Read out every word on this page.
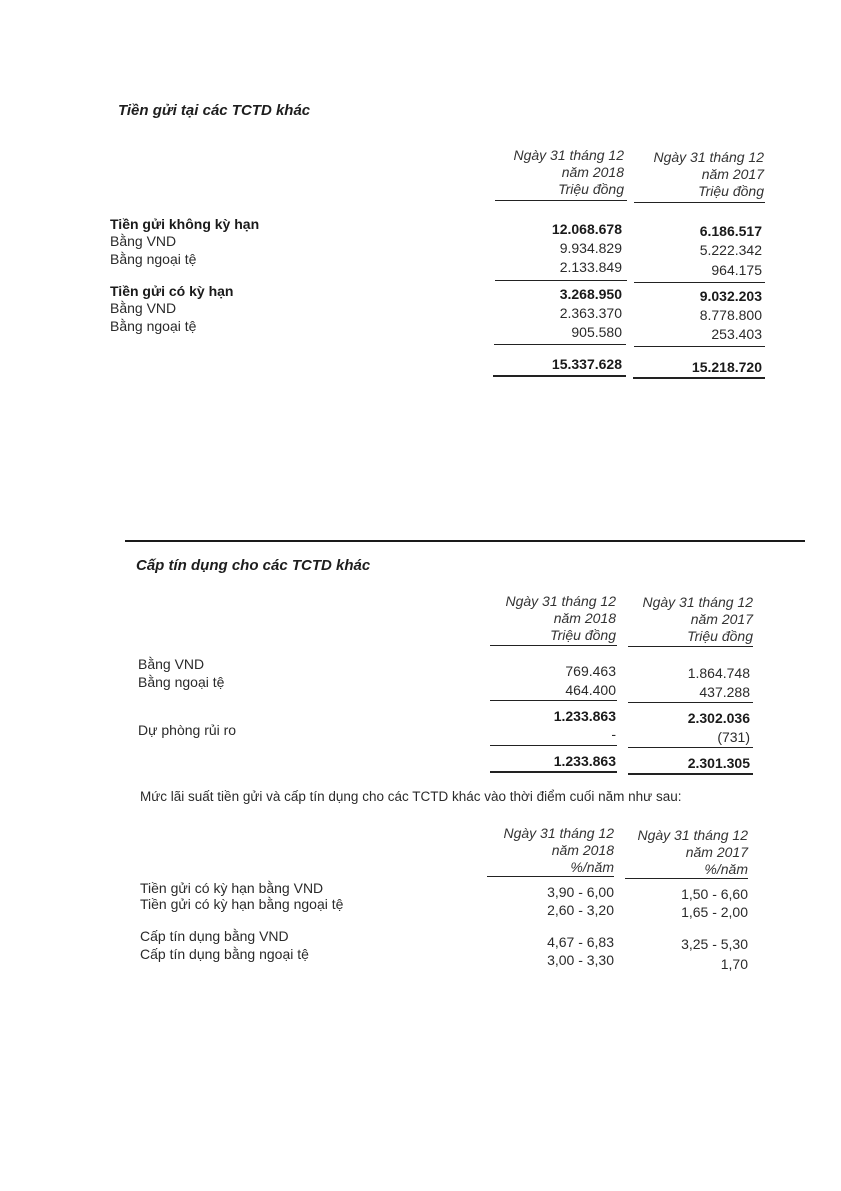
Tiền gửi tại các TCTD khác
Ngày 31 tháng 12
năm 2018
Triệu đồng
Ngày 31 tháng 12
năm 2017
Triệu đồng
Tiền gửi không kỳ hạn	12.068.678	6.186.517
Bằng VND	9.934.829	5.222.342
Bằng ngoại tệ	2.133.849	964.175
Tiền gửi có kỳ hạn	3.268.950	9.032.203
Bằng VND	2.363.370	8.778.800
Bằng ngoại tệ	905.580	253.403
15.337.628	15.218.720
Cấp tín dụng cho các TCTD khác
Ngày 31 tháng 12
năm 2018
Triệu đồng
Ngày 31 tháng 12
năm 2017
Triệu đồng
Bằng VND	769.463	1.864.748
Bằng ngoại tệ	464.400	437.288
1.233.863	2.302.036
Dự phòng rủi ro	-	(731)
1.233.863	2.301.305
Mức lãi suất tiền gửi và cấp tín dụng cho các TCTD khác vào thời điểm cuối năm như sau:
Ngày 31 tháng 12
năm 2018
%/năm
Ngày 31 tháng 12
năm 2017
%/năm
Tiền gửi có kỳ hạn bằng VND	3,90 - 6,00	1,50 - 6,60
Tiền gửi có kỳ hạn bằng ngoại tệ	2,60 - 3,20	1,65 - 2,00
Cấp tín dụng bằng VND	4,67 - 6,83	3,25 - 5,30
Cấp tín dụng bằng ngoại tệ	3,00 - 3,30	1,70
